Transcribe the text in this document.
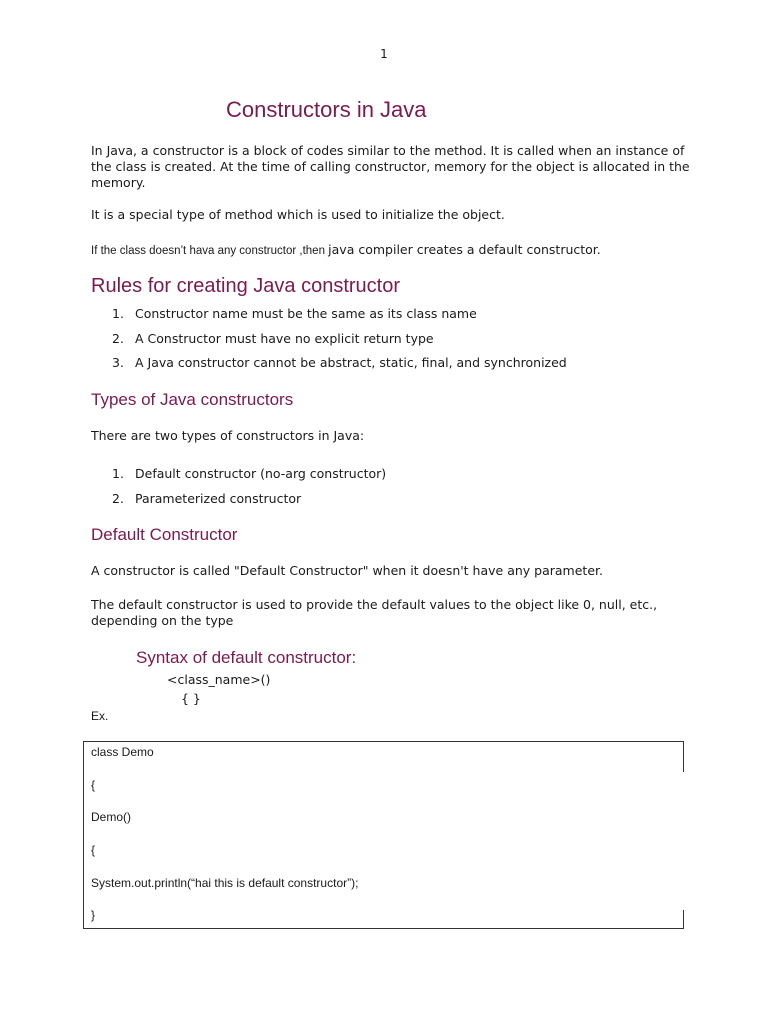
1
Constructors in Java

In Java, a constructor is a block of codes similar to the method. It is called when an instance of the class is created. At the time of calling constructor, memory for the object is allocated in the memory.

It is a special type of method which is used to initialize the object.

If the class doesn’t hava any constructor ,then java compiler creates a default constructor.

Rules for creating Java constructor
1. Constructor name must be the same as its class name
2. A Constructor must have no explicit return type
3. A Java constructor cannot be abstract, static, final, and synchronized
Types of Java constructors

There are two types of constructors in Java:

1. Default constructor (no-arg constructor)
2. Parameterized constructor
Default Constructor

A constructor is called "Default Constructor" when it doesn't have any parameter.

The default constructor is used to provide the default values to the object like 0, null, etc., depending on the type

Syntax of default constructor:
<class_name>()
{ }
Ex.

class Demo

{

Demo()

{

System.out.println(“hai this is default constructor”);

}
